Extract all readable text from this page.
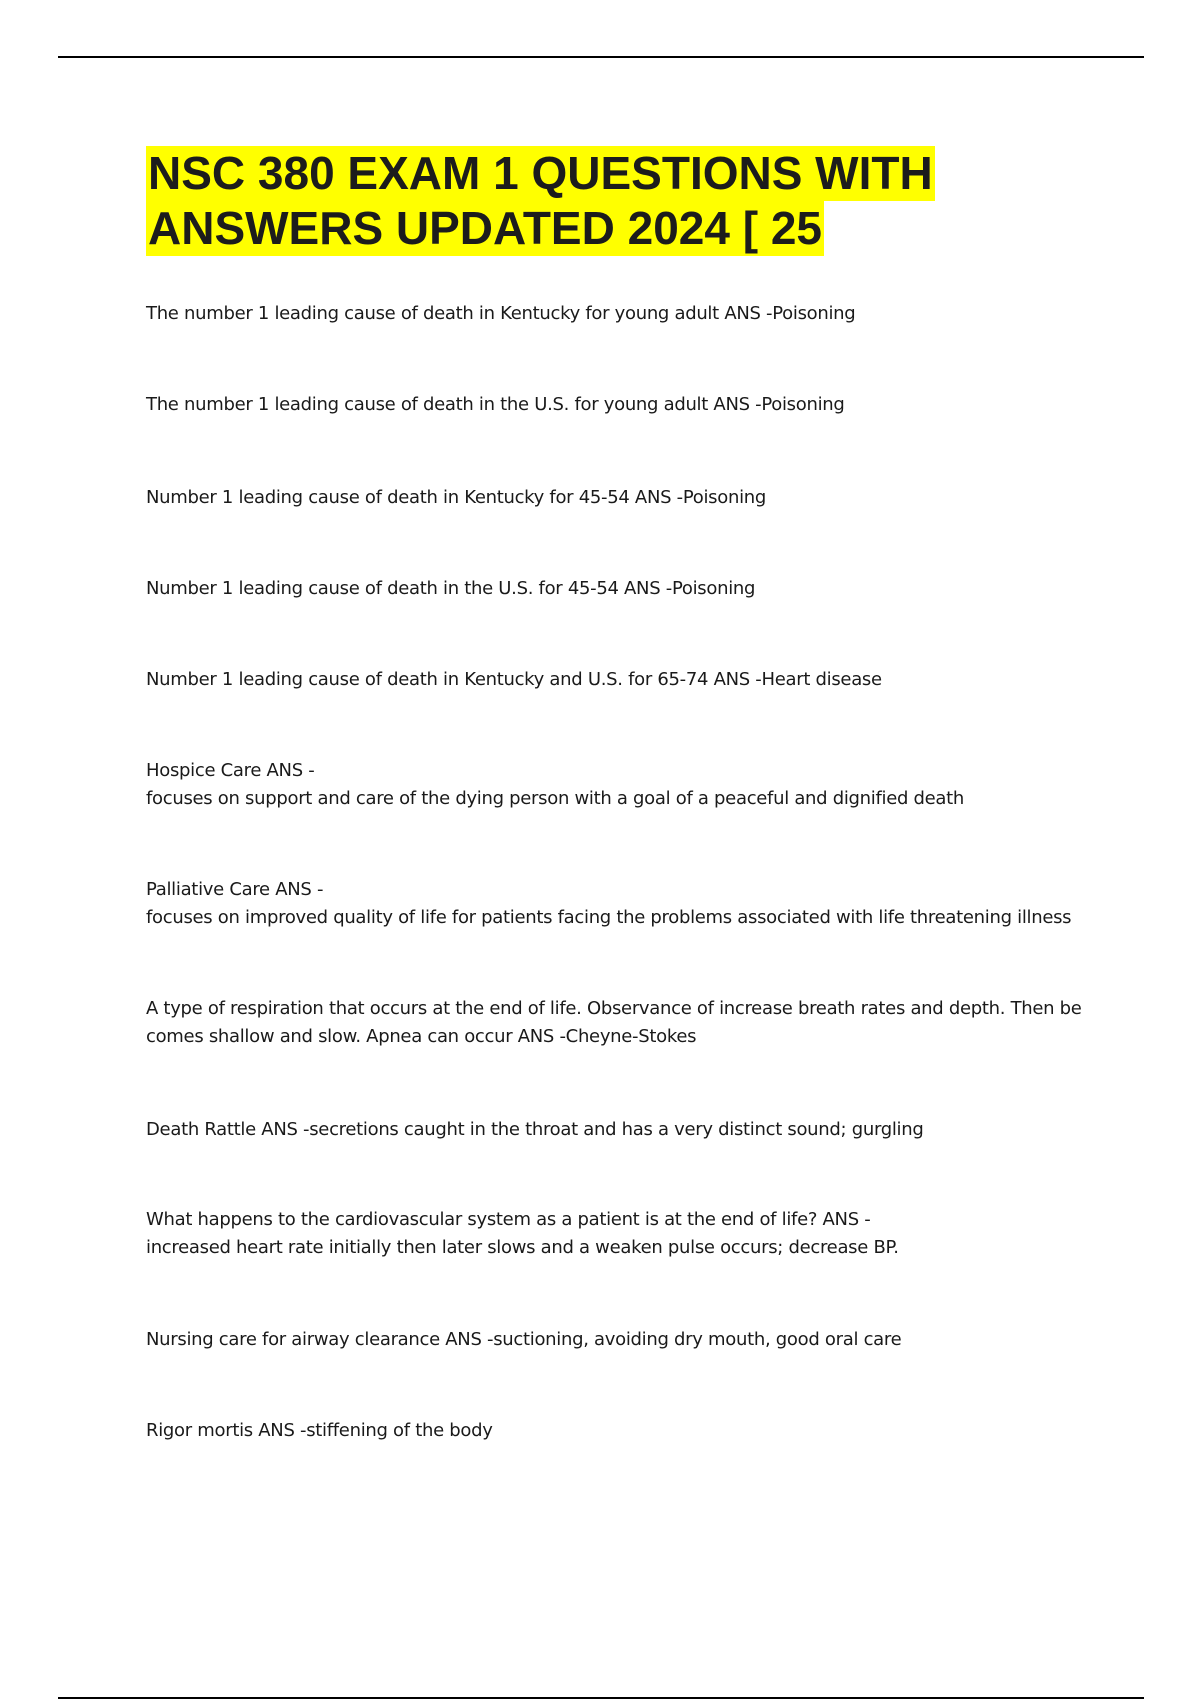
NSC 380 EXAM 1 QUESTIONS WITH
ANSWERS UPDATED 2024 [ 25
The number 1 leading cause of death in Kentucky for young adult ANS -Poisoning
The number 1 leading cause of death in the U.S. for young adult ANS -Poisoning
Number 1 leading cause of death in Kentucky for 45-54 ANS -Poisoning
Number 1 leading cause of death in the U.S. for 45-54 ANS -Poisoning
Number 1 leading cause of death in Kentucky and U.S. for 65-74 ANS -Heart disease
Hospice Care ANS -
focuses on support and care of the dying person with a goal of a peaceful and dignified death
Palliative Care ANS -
focuses on improved quality of life for patients facing the problems associated with life threatening illness
A type of respiration that occurs at the end of life. Observance of increase breath rates and depth. Then be
comes shallow and slow. Apnea can occur ANS -Cheyne-Stokes
Death Rattle ANS -secretions caught in the throat and has a very distinct sound; gurgling
What happens to the cardiovascular system as a patient is at the end of life? ANS -
increased heart rate initially then later slows and a weaken pulse occurs; decrease BP.
Nursing care for airway clearance ANS -suctioning, avoiding dry mouth, good oral care
Rigor mortis ANS -stiffening of the body
